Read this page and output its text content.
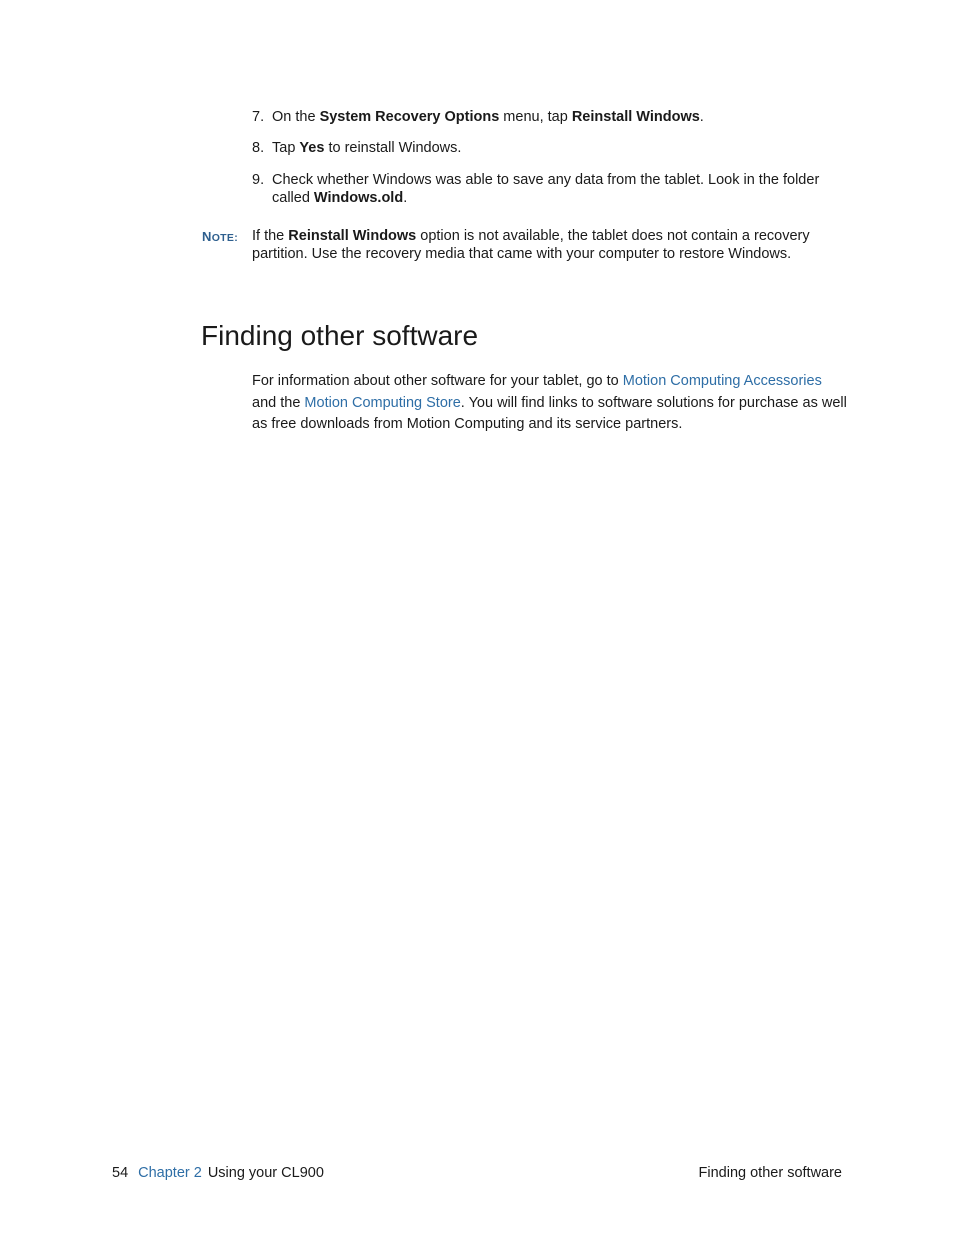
7. On the System Recovery Options menu, tap Reinstall Windows.
8. Tap Yes to reinstall Windows.
9. Check whether Windows was able to save any data from the tablet. Look in the folder called Windows.old.
NOTE: If the Reinstall Windows option is not available, the tablet does not contain a recovery partition. Use the recovery media that came with your computer to restore Windows.
Finding other software
For information about other software for your tablet, go to Motion Computing Accessories and the Motion Computing Store. You will find links to software solutions for purchase as well as free downloads from Motion Computing and its service partners.
54 Chapter 2 Using your CL900	Finding other software
